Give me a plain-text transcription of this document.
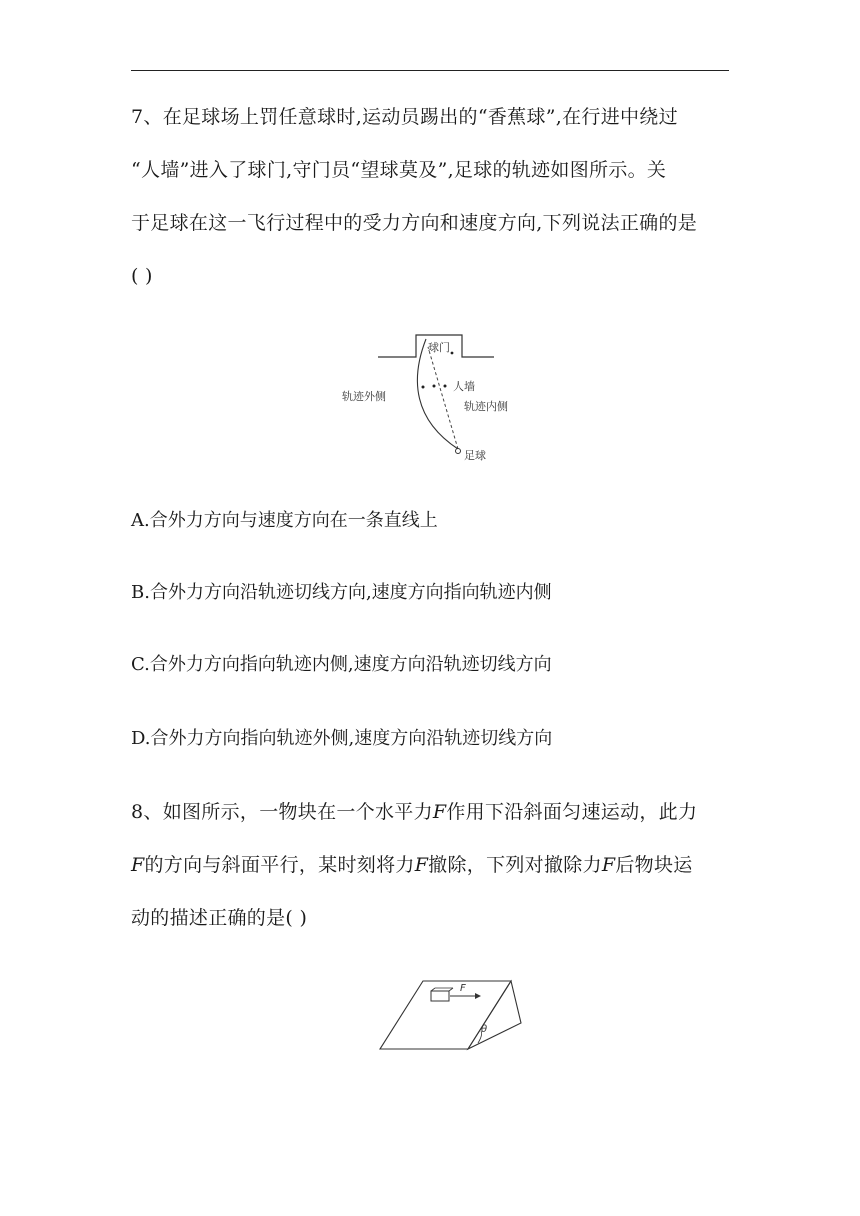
7、在足球场上罚任意球时,运动员踢出的“香蕉球”,在行进中绕过
“人墙”进入了球门,守门员“望球莫及”,足球的轨迹如图所示。关
于足球在这一飞行过程中的受力方向和速度方向,下列说法正确的是
( )
球门
人墙
足球
轨迹外侧
轨迹内侧
A.合外力方向与速度方向在一条直线上
B.合外力方向沿轨迹切线方向,速度方向指向轨迹内侧
C.合外力方向指向轨迹内侧,速度方向沿轨迹切线方向
D.合外力方向指向轨迹外侧,速度方向沿轨迹切线方向
8、如图所示，一物块在一个水平力F作用下沿斜面匀速运动，此力
F的方向与斜面平行，某时刻将力F撤除，下列对撤除力F后物块运
动的描述正确的是( )
F
θ
